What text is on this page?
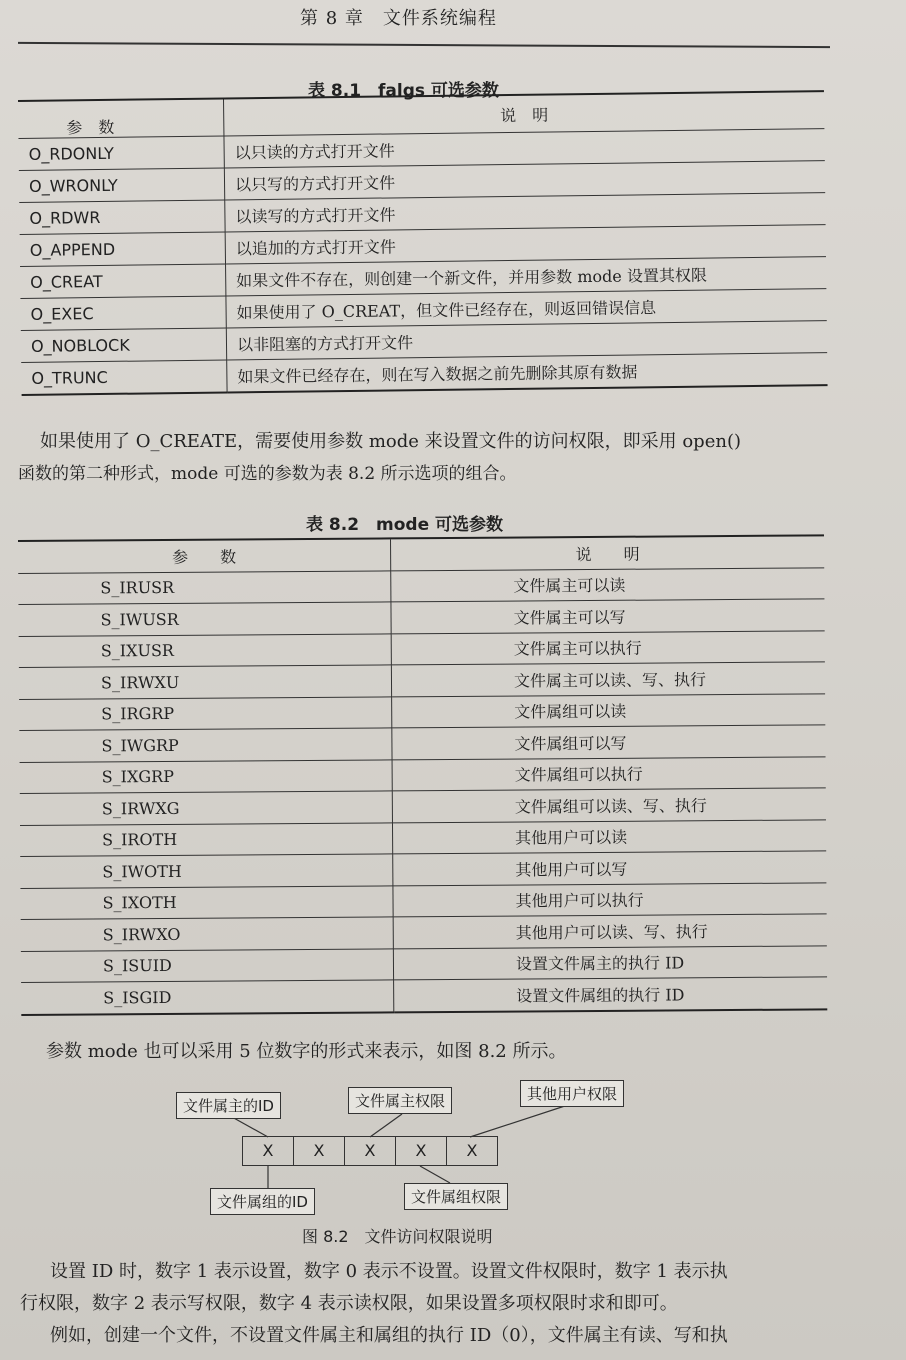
第 8 章　文件系统编程
表 8.1　falgs 可选参数
参　数	说　明
O_RDONLY	以只读的方式打开文件
O_WRONLY	以只写的方式打开文件
O_RDWR	以读写的方式打开文件
O_APPEND	以追加的方式打开文件
O_CREAT	如果文件不存在，则创建一个新文件，并用参数 mode 设置其权限
O_EXEC	如果使用了 O_CREAT，但文件已经存在，则返回错误信息
O_NOBLOCK	以非阻塞的方式打开文件
O_TRUNC	如果文件已经存在，则在写入数据之前先删除其原有数据
如果使用了 O_CREATE，需要使用参数 mode 来设置文件的访问权限，即采用 open()
函数的第二种形式，mode 可选的参数为表 8.2 所示选项的组合。
表 8.2　mode 可选参数
参　　数	说　　明
S_IRUSR	文件属主可以读
S_IWUSR	文件属主可以写
S_IXUSR	文件属主可以执行
S_IRWXU	文件属主可以读、写、执行
S_IRGRP	文件属组可以读
S_IWGRP	文件属组可以写
S_IXGRP	文件属组可以执行
S_IRWXG	文件属组可以读、写、执行
S_IROTH	其他用户可以读
S_IWOTH	其他用户可以写
S_IXOTH	其他用户可以执行
S_IRWXO	其他用户可以读、写、执行
S_ISUID	设置文件属主的执行 ID
S_ISGID	设置文件属组的执行 ID
参数 mode 也可以采用 5 位数字的形式来表示，如图 8.2 所示。
文件属主的ID	文件属主权限	其他用户权限
X	X	X	X	X
文件属组的ID	文件属组权限
图 8.2　文件访问权限说明
设置 ID 时，数字 1 表示设置，数字 0 表示不设置。设置文件权限时，数字 1 表示执
行权限，数字 2 表示写权限，数字 4 表示读权限，如果设置多项权限时求和即可。
例如，创建一个文件，不设置文件属主和属组的执行 ID（0），文件属主有读、写和执
